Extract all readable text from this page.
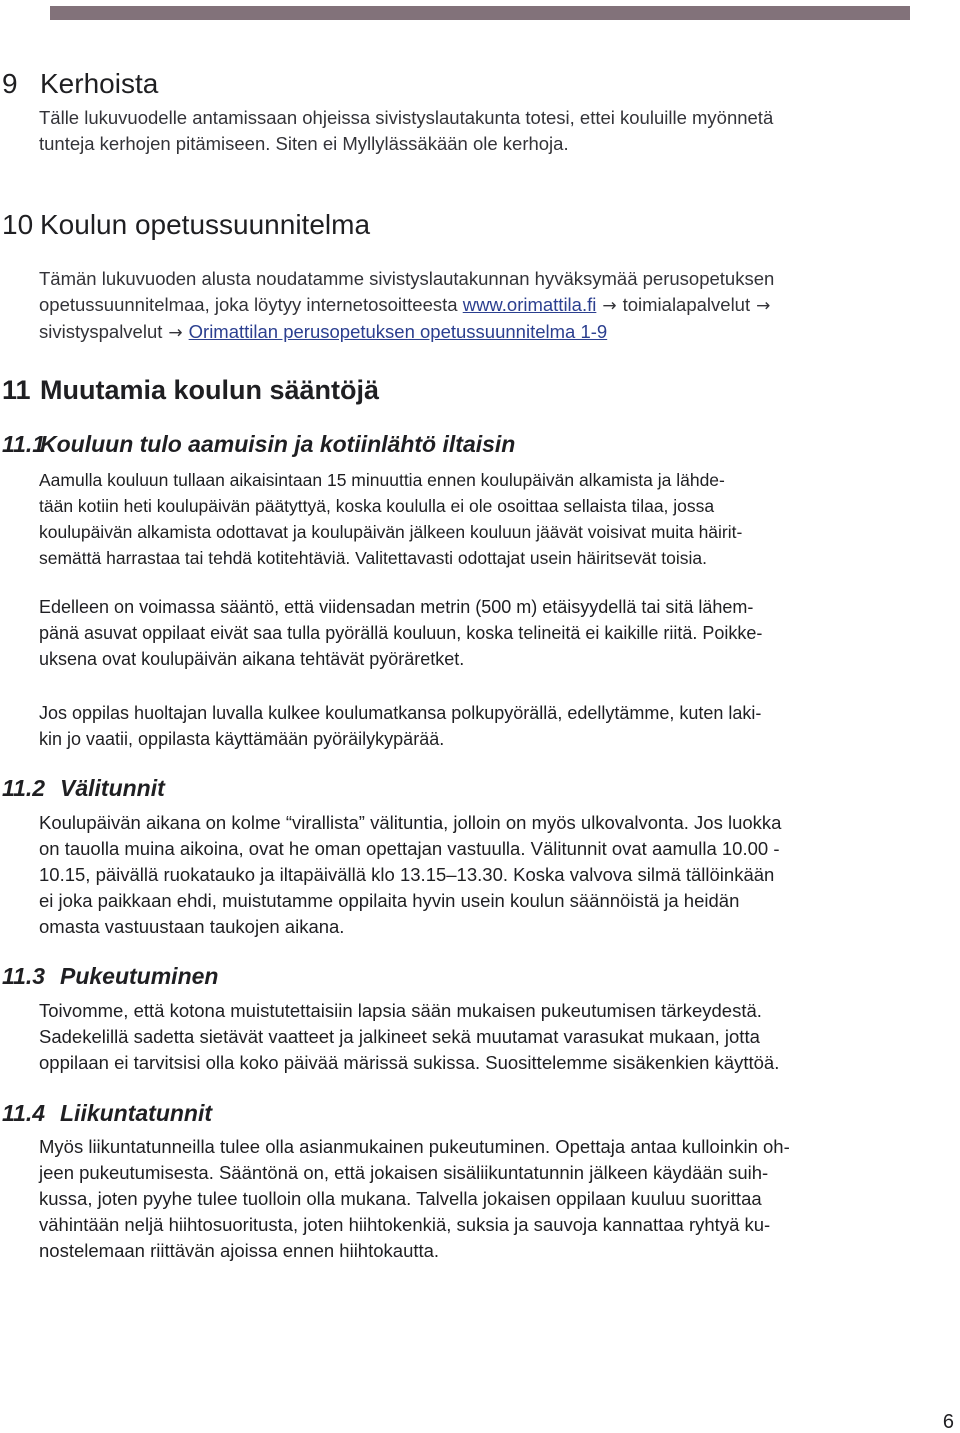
9 Kerhoista
Tälle lukuvuodelle antamissaan ohjeissa sivistyslautakunta totesi, ettei kouluille myönnetä
tunteja kerhojen pitämiseen. Siten ei Myllylässäkään ole kerhoja.
10 Koulun opetussuunnitelma
Tämän lukuvuoden alusta noudatamme sivistyslautakunnan hyväksymää perusopetuksen
opetussuunnitelmaa, joka löytyy internetosoitteesta www.orimattila.fi → toimialapalvelut →
sivistyspalvelut → Orimattilan perusopetuksen opetussuunnitelma 1-9
11 Muutamia koulun sääntöjä
11.1Kouluun tulo aamuisin ja kotiinlähtö iltaisin
Aamulla kouluun tullaan aikaisintaan 15 minuuttia ennen koulupäivän alkamista ja lähde-
tään kotiin heti koulupäivän päätyttyä, koska koululla ei ole osoittaa sellaista tilaa, jossa
koulupäivän alkamista odottavat ja koulupäivän jälkeen kouluun jäävät voisivat muita häirit-
semättä harrastaa tai tehdä kotitehtäviä. Valitettavasti odottajat usein häiritsevät toisia.
Edelleen on voimassa sääntö, että viidensadan metrin (500 m) etäisyydellä tai sitä lähem-
pänä asuvat oppilaat eivät saa tulla pyörällä kouluun, koska telineitä ei kaikille riitä. Poikke-
uksena ovat koulupäivän aikana tehtävät pyöräretket.
Jos oppilas huoltajan luvalla kulkee koulumatkansa polkupyörällä, edellytämme, kuten laki-
kin jo vaatii, oppilasta käyttämään pyöräilykypärää.
11.2 Välitunnit
Koulupäivän aikana on kolme “virallista” välituntia, jolloin on myös ulkovalvonta. Jos luokka
on tauolla muina aikoina, ovat he oman opettajan vastuulla. Välitunnit ovat aamulla 10.00 -
10.15, päivällä ruokatauko ja iltapäivällä klo 13.15–13.30. Koska valvova silmä tällöinkään
ei joka paikkaan ehdi, muistutamme oppilaita hyvin usein koulun säännöistä ja heidän
omasta vastuustaan taukojen aikana.
11.3 Pukeutuminen
Toivomme, että kotona muistutettaisiin lapsia sään mukaisen pukeutumisen tärkeydestä.
Sadekelillä sadetta sietävät vaatteet ja jalkineet sekä muutamat varasukat mukaan, jotta
oppilaan ei tarvitsisi olla koko päivää märissä sukissa. Suosittelemme sisäkenkien käyttöä.
11.4 Liikuntatunnit
Myös liikuntatunneilla tulee olla asianmukainen pukeutuminen. Opettaja antaa kulloinkin oh-
jeen pukeutumisesta. Sääntönä on, että jokaisen sisäliikuntatunnin jälkeen käydään suih-
kussa, joten pyyhe tulee tuolloin olla mukana. Talvella jokaisen oppilaan kuuluu suorittaa
vähintään neljä hiihtosuoritusta, joten hiihtokenkiä, suksia ja sauvoja kannattaa ryhtyä ku-
nostelemaan riittävän ajoissa ennen hiihtokautta.
6
